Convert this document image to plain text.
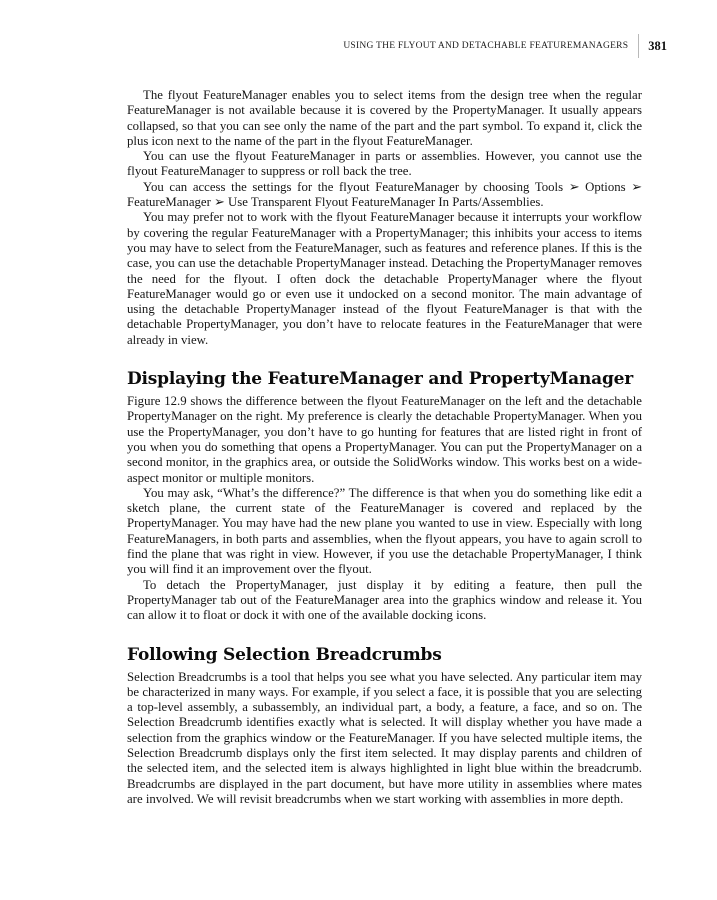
USING THE FLYOUT AND DETACHABLE FEATUREMANAGERS 381

The flyout FeatureManager enables you to select items from the design tree when the regular FeatureManager is not available because it is covered by the PropertyManager. It usually appears collapsed, so that you can see only the name of the part and the part symbol. To expand it, click the plus icon next to the name of the part in the flyout FeatureManager.

You can use the flyout FeatureManager in parts or assemblies. However, you cannot use the flyout FeatureManager to suppress or roll back the tree.

You can access the settings for the flyout FeatureManager by choosing Tools ➢ Options ➢ FeatureManager ➢ Use Transparent Flyout FeatureManager In Parts/Assemblies.

You may prefer not to work with the flyout FeatureManager because it interrupts your workflow by covering the regular FeatureManager with a PropertyManager; this inhibits your access to items you may have to select from the FeatureManager, such as features and reference planes. If this is the case, you can use the detachable PropertyManager instead. Detaching the PropertyManager removes the need for the flyout. I often dock the detachable PropertyManager where the flyout FeatureManager would go or even use it undocked on a second monitor. The main advantage of using the detachable PropertyManager instead of the flyout FeatureManager is that with the detachable PropertyManager, you don’t have to relocate features in the FeatureManager that were already in view.

Displaying the FeatureManager and PropertyManager

Figure 12.9 shows the difference between the flyout FeatureManager on the left and the detachable PropertyManager on the right. My preference is clearly the detachable PropertyManager. When you use the PropertyManager, you don’t have to go hunting for features that are listed right in front of you when you do something that opens a PropertyManager. You can put the PropertyManager on a second monitor, in the graphics area, or outside the SolidWorks window. This works best on a wide-aspect monitor or multiple monitors.

You may ask, “What’s the difference?” The difference is that when you do something like edit a sketch plane, the current state of the FeatureManager is covered and replaced by the PropertyManager. You may have had the new plane you wanted to use in view. Especially with long FeatureManagers, in both parts and assemblies, when the flyout appears, you have to again scroll to find the plane that was right in view. However, if you use the detachable PropertyManager, I think you will find it an improvement over the flyout.

To detach the PropertyManager, just display it by editing a feature, then pull the PropertyManager tab out of the FeatureManager area into the graphics window and release it. You can allow it to float or dock it with one of the available docking icons.

Following Selection Breadcrumbs

Selection Breadcrumbs is a tool that helps you see what you have selected. Any particular item may be characterized in many ways. For example, if you select a face, it is possible that you are selecting a top-level assembly, a subassembly, an individual part, a body, a feature, a face, and so on. The Selection Breadcrumb identifies exactly what is selected. It will display whether you have made a selection from the graphics window or the FeatureManager. If you have selected multiple items, the Selection Breadcrumb displays only the first item selected. It may display parents and children of the selected item, and the selected item is always highlighted in light blue within the breadcrumb. Breadcrumbs are displayed in the part document, but have more utility in assemblies where mates are involved. We will revisit breadcrumbs when we start working with assemblies in more depth.
